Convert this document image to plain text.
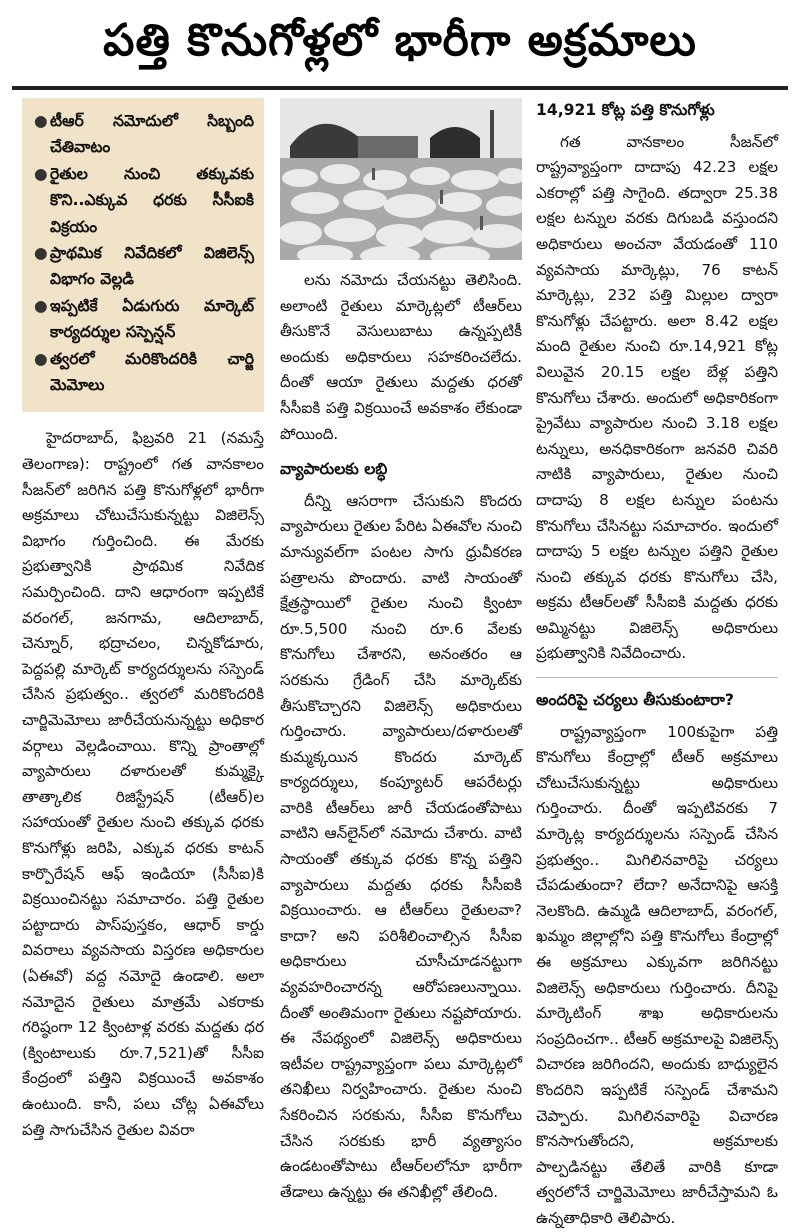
పత్తి కొనుగోళ్లలో భారీగా అక్రమాలు
● టీఆర్ నమోదులో సిబ్బంది చేతివాటం
● రైతుల నుంచి తక్కువకు కొని..ఎక్కువ ధరకు సీసీఐకి విక్రయం
● ప్రాథమిక నివేదికలో విజిలెన్స్ విభాగం వెల్లడి
● ఇప్పటికే ఏడుగురు మార్కెట్ కార్యదర్శుల సస్పెన్షన్
● త్వరలో మరికొందరికి చార్జి మెమోలు

హైదరాబాద్, ఫిబ్రవరి 21 (నమస్తే తెలంగాణ): రాష్ట్రంలో గత వానకాలం సీజన్‌లో జరిగిన పత్తి కొనుగోళ్లలో భారీగా అక్రమాలు చోటుచేసుకున్నట్టు విజిలెన్స్ విభాగం గుర్తించింది. ఈ మేరకు ప్రభుత్వానికి ప్రాథమిక నివేదిక సమర్పించింది. దాని ఆధారంగా ఇప్పటికే వరంగల్, జనగామ, ఆదిలాబాద్, చెన్నూర్, భద్రాచలం, చిన్నకోడూరు, పెద్దపల్లి మార్కెట్ కార్యదర్శులను సస్పెండ్ చేసిన ప్రభుత్వం.. త్వరలో మరికొందరికి చార్జిమెమోలు జారీచేయనున్నట్టు అధికార వర్గాలు వెల్లడించాయి. కొన్ని ప్రాంతాల్లో వ్యాపారులు దళారులతో కుమ్మక్కై తాత్కాలిక రిజిస్ట్రేషన్ (టీఆర్)ల సహాయంతో రైతుల నుంచి తక్కువ ధరకు కొనుగోళ్లు జరిపి, ఎక్కువ ధరకు కాటన్ కార్పొరేషన్ ఆఫ్ ఇండియా (సీసీఐ)కి విక్రయించినట్టు సమాచారం. పత్తి రైతుల పట్టాదారు పాస్‌పుస్తకం, ఆధార్ కార్డు వివరాలు వ్యవసాయ విస్తరణ అధికారుల (ఏఈవో) వద్ద నమోదై ఉండాలి. అలా నమోదైన రైతులు మాత్రమే ఎకరాకు గరిష్ఠంగా 12 క్వింటాళ్ల వరకు మద్దతు ధర (క్వింటాలుకు రూ.7,521)తో సీసీఐ కేంద్రంలో పత్తిని విక్రయించే అవకాశం ఉంటుంది. కానీ, పలు చోట్ల ఏఈవోలు పత్తి సాగుచేసిన రైతుల వివరా

లను నమోదు చేయనట్టు తెలిసింది. అలాంటి రైతులు మార్కెట్లలో టీఆర్‌లు తీసుకొనే వెసులుబాటు ఉన్నప్పటికీ అందుకు అధికారులు సహకరించలేదు. దీంతో ఆయా రైతులు మద్దతు ధరతో సీసీఐకి పత్తి విక్రయించే అవకాశం లేకుండా పోయింది.

వ్యాపారులకు లబ్ధి

దీన్ని ఆసరాగా చేసుకుని కొందరు వ్యాపారులు రైతుల పేరిట ఏఈవోల నుంచి మాన్యువల్‌గా పంటల సాగు ధ్రువీకరణ పత్రాలను పొందారు. వాటి సాయంతో క్షేత్రస్థాయిలో రైతుల నుంచి క్వింటా రూ.5,500 నుంచి రూ.6 వేలకు కొనుగోలు చేశారని, అనంతరం ఆ సరకును గ్రేడింగ్ చేసి మార్కెట్‌కు తీసుకొచ్చారని విజిలెన్స్ అధికారులు గుర్తించారు. వ్యాపారులు/దళారులతో కుమ్మక్కయిన కొందరు మార్కెట్ కార్యదర్శులు, కంప్యూటర్ ఆపరేటర్లు వారికి టీఆర్‌లు జారీ చేయడంతోపాటు వాటిని ఆన్‌లైన్‌లో నమోదు చేశారు. వాటి సాయంతో తక్కువ ధరకు కొన్న పత్తిని వ్యాపారులు మద్దతు ధరకు సీసీఐకి విక్రయించారు. ఆ టీఆర్‌లు రైతులవా? కాదా? అని పరిశీలించాల్సిన సీసీఐ అధికారులు చూసీచూడనట్టుగా వ్యవహరించారన్న ఆరోపణలున్నాయి. దీంతో అంతిమంగా రైతులు నష్టపోయారు. ఈ నేపథ్యంలో విజిలెన్స్ అధికారులు ఇటీవల రాష్ట్రవ్యాప్తంగా పలు మార్కెట్లలో తనిఖీలు నిర్వహించారు. రైతుల నుంచి సేకరించిన సరకును, సీసీఐ కొనుగోలు చేసిన సరకుకు భారీ వ్యత్యాసం ఉండటంతోపాటు టీఆర్‌లలోనూ భారీగా తేడాలు ఉన్నట్టు ఈ తనిఖీల్లో తేలింది.

14,921 కోట్ల పత్తి కొనుగోళ్లు

గత వానకాలం సీజన్‌లో రాష్ట్రవ్యాప్తంగా దాదాపు 42.23 లక్షల ఎకరాల్లో పత్తి సాగైంది. తద్వారా 25.38 లక్షల టన్నుల వరకు దిగుబడి వస్తుందని అధికారులు అంచనా వేయడంతో 110 వ్యవసాయ మార్కెట్లు, 76 కాటన్ మార్కెట్లు, 232 పత్తి మిల్లుల ద్వారా కొనుగోళ్లు చేపట్టారు. అలా 8.42 లక్షల మంది రైతుల నుంచి రూ.14,921 కోట్ల విలువైన 20.15 లక్షల బేళ్ల పత్తిని కొనుగోలు చేశారు. అందులో అధికారికంగా ప్రైవేటు వ్యాపారుల నుంచి 3.18 లక్షల టన్నులు, అనధికారికంగా జనవరి చివరి నాటికి వ్యాపారులు, రైతుల నుంచి దాదాపు 8 లక్షల టన్నుల పంటను కొనుగోలు చేసినట్టు సమాచారం. ఇందులో దాదాపు 5 లక్షల టన్నుల పత్తిని రైతుల నుంచి తక్కువ ధరకు కొనుగోలు చేసి, అక్రమ టీఆర్‌లతో సీసీఐకి మద్దతు ధరకు అమ్మినట్టు విజిలెన్స్ అధికారులు ప్రభుత్వానికి నివేదించారు.

అందరిపై చర్యలు తీసుకుంటారా?

రాష్ట్రవ్యాప్తంగా 100కుపైగా పత్తి కొనుగోలు కేంద్రాల్లో టీఆర్ అక్రమాలు చోటుచేసుకున్నట్టు అధికారులు గుర్తించారు. దీంతో ఇప్పటివరకు 7 మార్కెట్ల కార్యదర్శులను సస్పెండ్ చేసిన ప్రభుత్వం.. మిగిలినవారిపై చర్యలు చేపడుతుందా? లేదా? అనేదానిపై ఆసక్తి నెలకొంది. ఉమ్మడి ఆదిలాబాద్, వరంగల్, ఖమ్మం జిల్లాల్లోని పత్తి కొనుగోలు కేంద్రాల్లో ఈ అక్రమాలు ఎక్కువగా జరిగినట్టు విజిలెన్స్ అధికారులు గుర్తించారు. దీనిపై మార్కెటింగ్ శాఖ అధికారులను సంప్రదించగా.. టీఆర్ అక్రమాలపై విజిలెన్స్ విచారణ జరిగిందని, అందుకు బాధ్యులైన కొందరిని ఇప్పటికే సస్పెండ్ చేశామని చెప్పారు. మిగిలినవారిపై విచారణ కొనసాగుతోందని, అక్రమాలకు పాల్పడినట్టు తేలితే వారికి కూడా త్వరలోనే చార్జిమెమోలు జారీచేస్తామని ఓ ఉన్నతాధికారి తెలిపారు.
